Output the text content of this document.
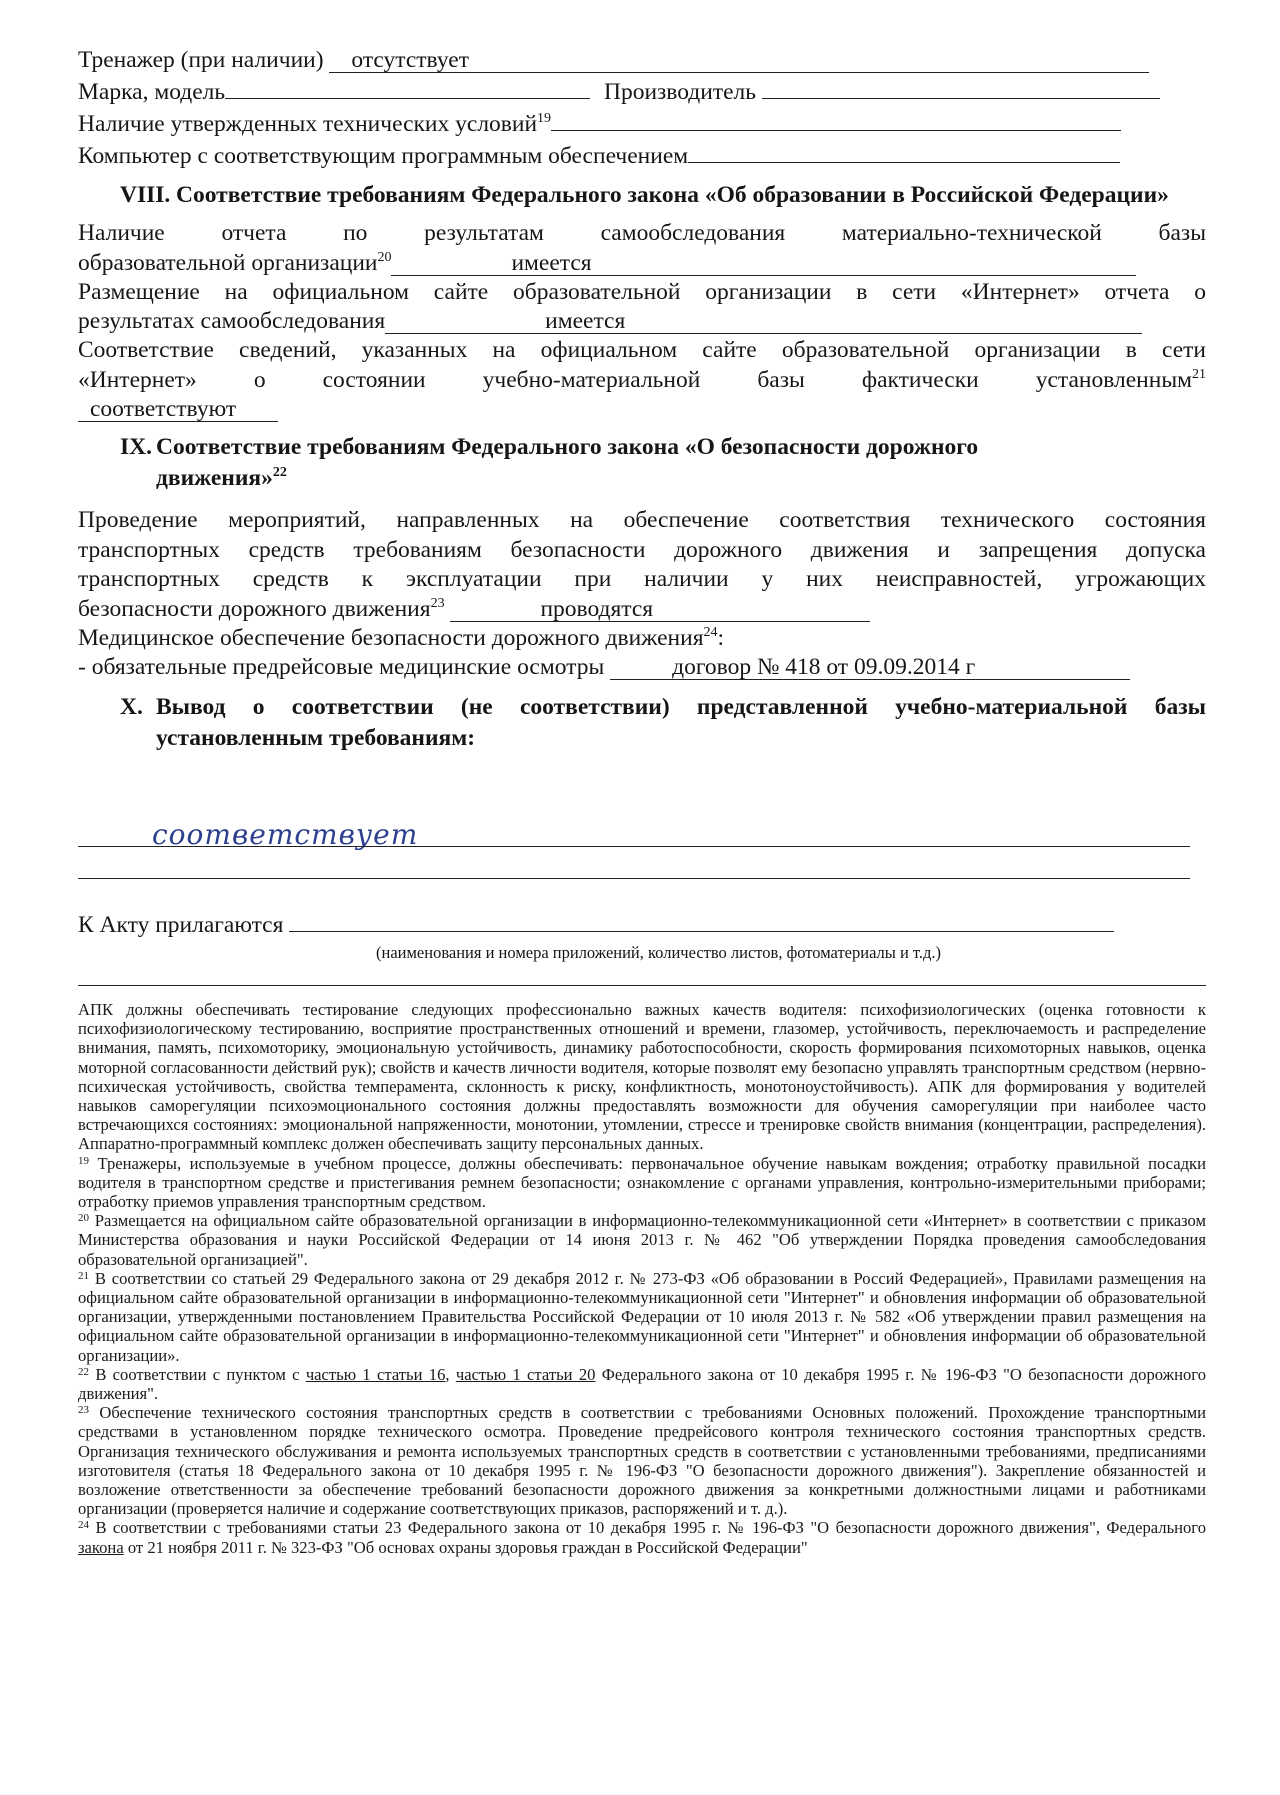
Тренажер (при наличии) отсутствует
Марка, модель	Производитель
Наличие утвержденных технических условий$^{19}$
Компьютер с соответствующим программным обеспечением
VIII. Соответствие требованиям Федерального закона «Об образовании в Российской Федерации»
Наличие отчета по результатам самообследования материально-технической базы
образовательной организации$^{20}$	имеется
Размещение на официальном сайте образовательной организации в сети «Интернет» отчета о
результатах самообследования	имеется
Соответствие сведений, указанных на официальном сайте образовательной организации в сети
«Интернет» о состоянии учебно-материальной базы фактически установленным$^{21}$
соответствуют
IX. Соответствие требованиям Федерального закона «О безопасности дорожного
движения»$^{22}$
Проведение мероприятий, направленных на обеспечение соответствия технического состояния
транспортных средств требованиям безопасности дорожного движения и запрещения допуска
транспортных средств к эксплуатации при наличии у них неисправностей, угрожающих
безопасности дорожного движения$^{23}$	проводятся
Медицинское обеспечение безопасности дорожного движения$^{24}$:
- обязательные предрейсовые медицинские осмотры	договор № 418 от 09.09.2014 г
X. Вывод о соответствии (не соответствии) представленной учебно-материальной базы установленным требованиям:
соответствует
К Акту прилагаются
(наименования и номера приложений, количество листов, фотоматериалы и т.д.)

АПК должны обеспечивать тестирование следующих профессионально важных качеств водителя: психофизиологических (оценка готовности к психофизиологическому тестированию, восприятие пространственных отношений и времени, глазомер, устойчивость, переключаемость и распределение внимания, память, психомоторику, эмоциональную устойчивость, динамику работоспособности, скорость формирования психомоторных навыков, оценка моторной согласованности действий рук); свойств и качеств личности водителя, которые позволят ему безопасно управлять транспортным средством (нервно-психическая устойчивость, свойства темперамента, склонность к риску, конфликтность, монотоноустойчивость). АПК для формирования у водителей навыков саморегуляции психоэмоционального состояния должны предоставлять возможности для обучения саморегуляции при наиболее часто встречающихся состояниях: эмоциональной напряженности, монотонии, утомлении, стрессе и тренировке свойств внимания (концентрации, распределения). Аппаратно-программный комплекс должен обеспечивать защиту персональных данных.

$^{19}$ Тренажеры, используемые в учебном процессе, должны обеспечивать: первоначальное обучение навыкам вождения; отработку правильной посадки водителя в транспортном средстве и пристегивания ремнем безопасности; ознакомление с органами управления, контрольно-измерительными приборами; отработку приемов управления транспортным средством.

$^{20}$ Размещается на официальном сайте образовательной организации в информационно-телекоммуникационной сети «Интернет» в соответствии с приказом Министерства образования и науки Российской Федерации от 14 июня 2013 г. № 462 "Об утверждении Порядка проведения самообследования образовательной организацией".

$^{21}$ В соответствии со статьей 29 Федерального закона от 29 декабря 2012 г. № 273-ФЗ «Об образовании в Россий Федерацией», Правилами размещения на официальном сайте образовательной организации в информационно-телекоммуникационной сети "Интернет" и обновления информации об образовательной организации, утвержденными постановлением Правительства Российской Федерации от 10 июля 2013 г. № 582 «Об утверждении правил размещения на официальном сайте образовательной организации в информационно-телекоммуникационной сети "Интернет" и обновления информации об образовательной организации».

$^{22}$ В соответствии с пунктом с частью 1 статьи 16, частью 1 статьи 20 Федерального закона от 10 декабря 1995 г. № 196-ФЗ "О безопасности дорожного движения".

$^{23}$ Обеспечение технического состояния транспортных средств в соответствии с требованиями Основных положений. Прохождение транспортными средствами в установленном порядке технического осмотра. Проведение предрейсового контроля технического состояния транспортных средств. Организация технического обслуживания и ремонта используемых транспортных средств в соответствии с установленными требованиями, предписаниями изготовителя (статья 18 Федерального закона от 10 декабря 1995 г. № 196-ФЗ "О безопасности дорожного движения"). Закрепление обязанностей и возложение ответственности за обеспечение требований безопасности дорожного движения за конкретными должностными лицами и работниками организации (проверяется наличие и содержание соответствующих приказов, распоряжений и т. д.).

$^{24}$ В соответствии с требованиями статьи 23 Федерального закона от 10 декабря 1995 г. № 196-ФЗ "О безопасности дорожного движения", Федерального закона от 21 ноября 2011 г. № 323-ФЗ "Об основах охраны здоровья граждан в Российской Федерации"
